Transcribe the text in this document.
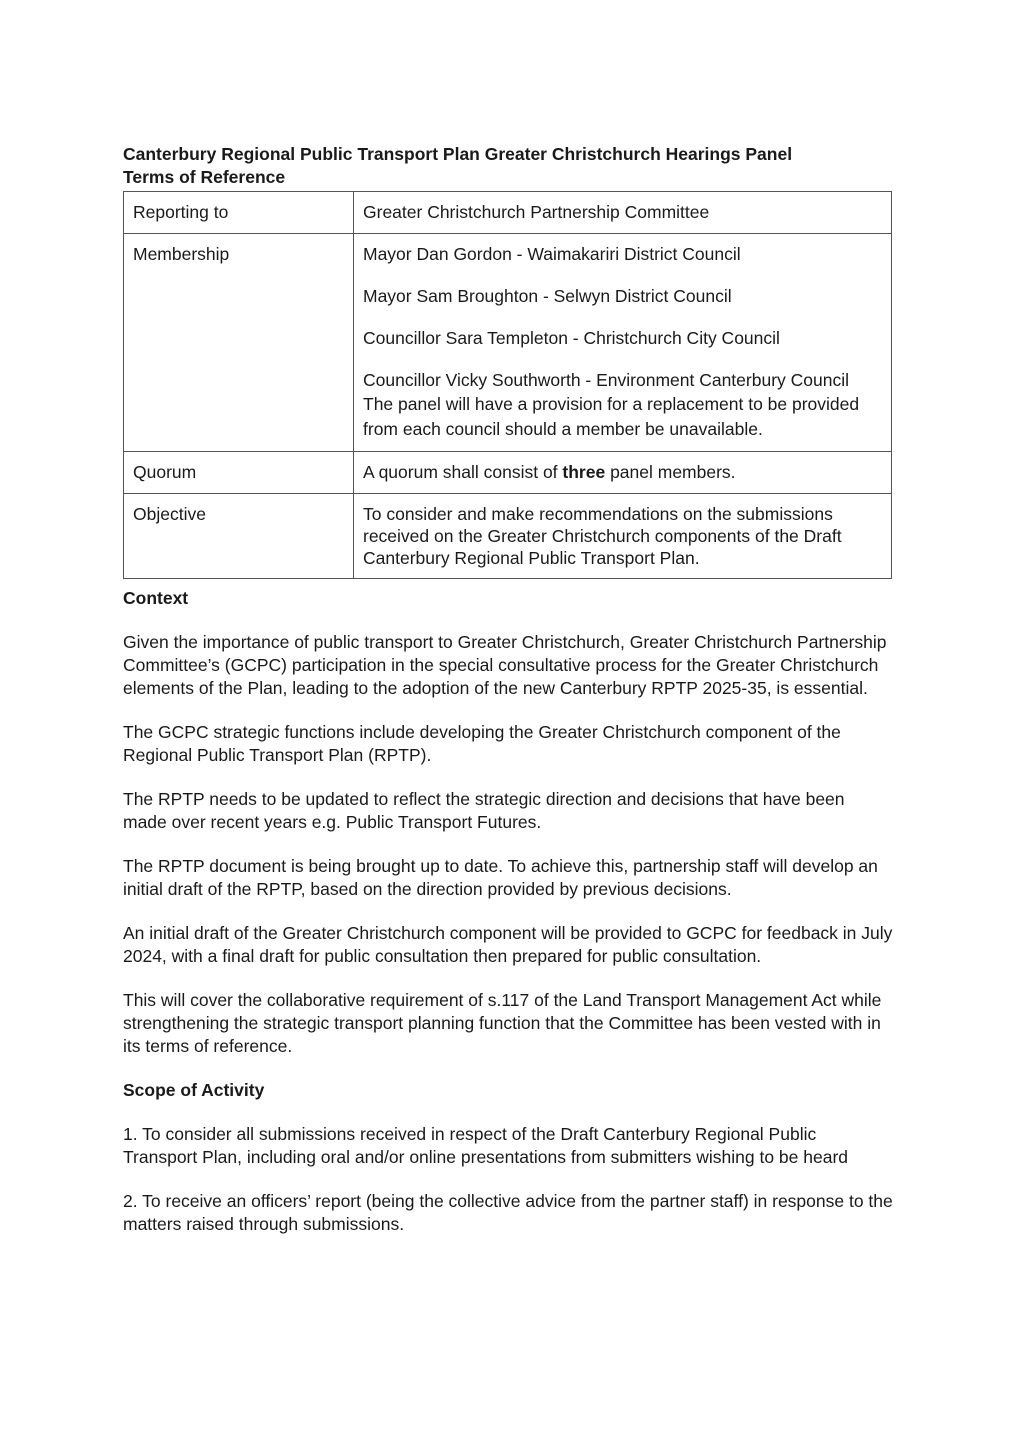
Canterbury Regional Public Transport Plan Greater Christchurch Hearings Panel
Terms of Reference

Reporting to	Greater Christchurch Partnership Committee
Membership	Mayor Dan Gordon - Waimakariri District Council
Mayor Sam Broughton - Selwyn District Council
Councillor Sara Templeton - Christchurch City Council
Councillor Vicky Southworth - Environment Canterbury Council
The panel will have a provision for a replacement to be provided from each council should a member be unavailable.

Quorum	A quorum shall consist of three panel members.
Objective	To consider and make recommendations on the submissions received on the Greater Christchurch components of the Draft Canterbury Regional Public Transport Plan.
Context

Given the importance of public transport to Greater Christchurch, Greater Christchurch Partnership Committee’s (GCPC) participation in the special consultative process for the Greater Christchurch elements of the Plan, leading to the adoption of the new Canterbury RPTP 2025-35, is essential.

The GCPC strategic functions include developing the Greater Christchurch component of the Regional Public Transport Plan (RPTP).

The RPTP needs to be updated to reflect the strategic direction and decisions that have been made over recent years e.g. Public Transport Futures.

The RPTP document is being brought up to date. To achieve this, partnership staff will develop an initial draft of the RPTP, based on the direction provided by previous decisions.

An initial draft of the Greater Christchurch component will be provided to GCPC for feedback in July 2024, with a final draft for public consultation then prepared for public consultation.

This will cover the collaborative requirement of s.117 of the Land Transport Management Act while strengthening the strategic transport planning function that the Committee has been vested with in its terms of reference.

Scope of Activity

1. To consider all submissions received in respect of the Draft Canterbury Regional Public Transport Plan, including oral and/or online presentations from submitters wishing to be heard

2. To receive an officers’ report (being the collective advice from the partner staff) in response to the matters raised through submissions.
